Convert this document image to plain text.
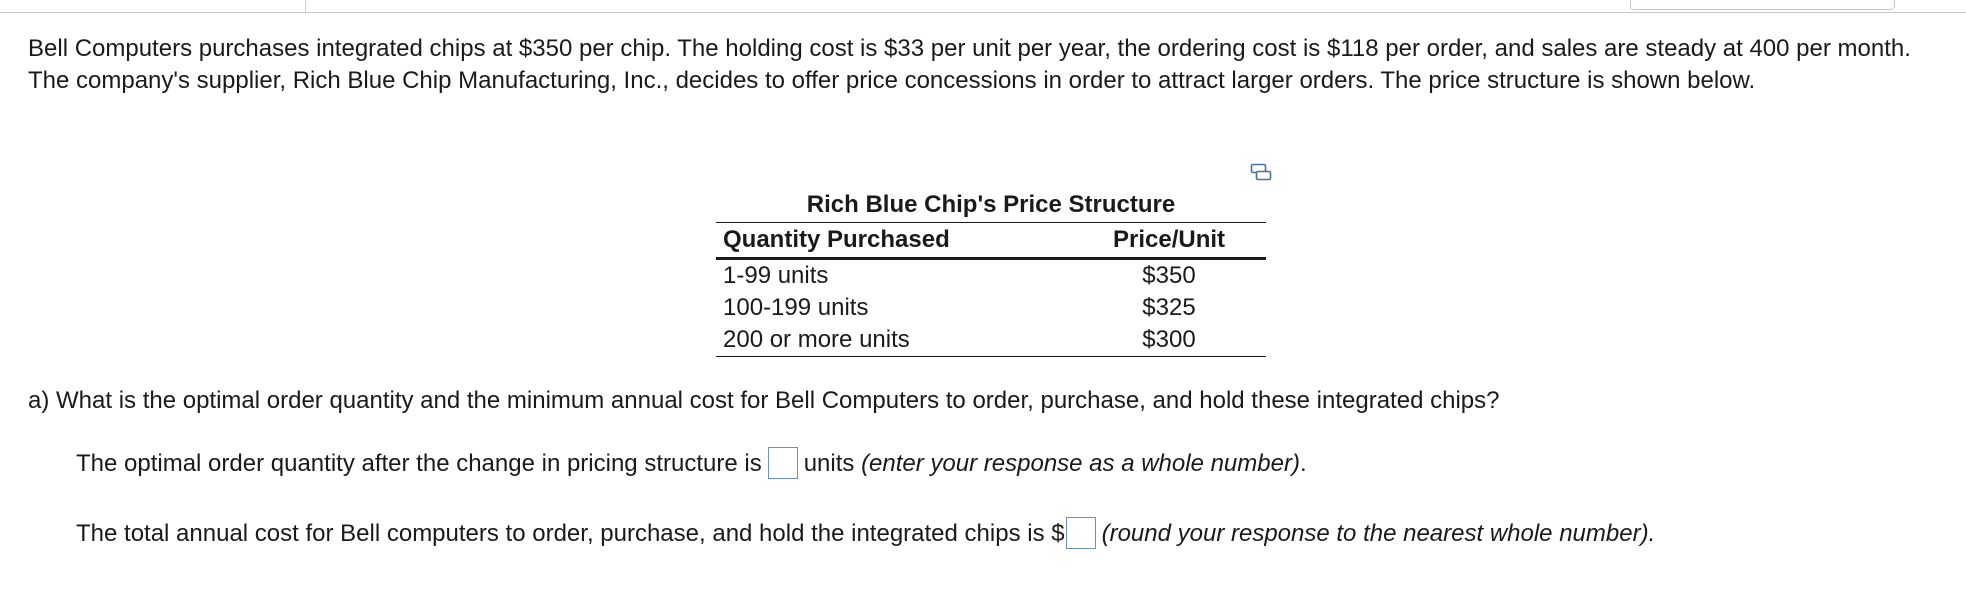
Bell Computers purchases integrated chips at $350 per chip. The holding cost is $33 per unit per year, the ordering cost is $118 per order, and sales are steady at 400 per month. The company's supplier, Rich Blue Chip Manufacturing, Inc., decides to offer price concessions in order to attract larger orders. The price structure is shown below.
Rich Blue Chip's Price Structure
Quantity Purchased	Price/Unit
1-99 units	$350
100-199 units	$325
200 or more units	$300
a) What is the optimal order quantity and the minimum annual cost for Bell Computers to order, purchase, and hold these integrated chips?
The optimal order quantity after the change in pricing structure is units (enter your response as a whole number).
The total annual cost for Bell computers to order, purchase, and hold the integrated chips is $ (round your response to the nearest whole number).
